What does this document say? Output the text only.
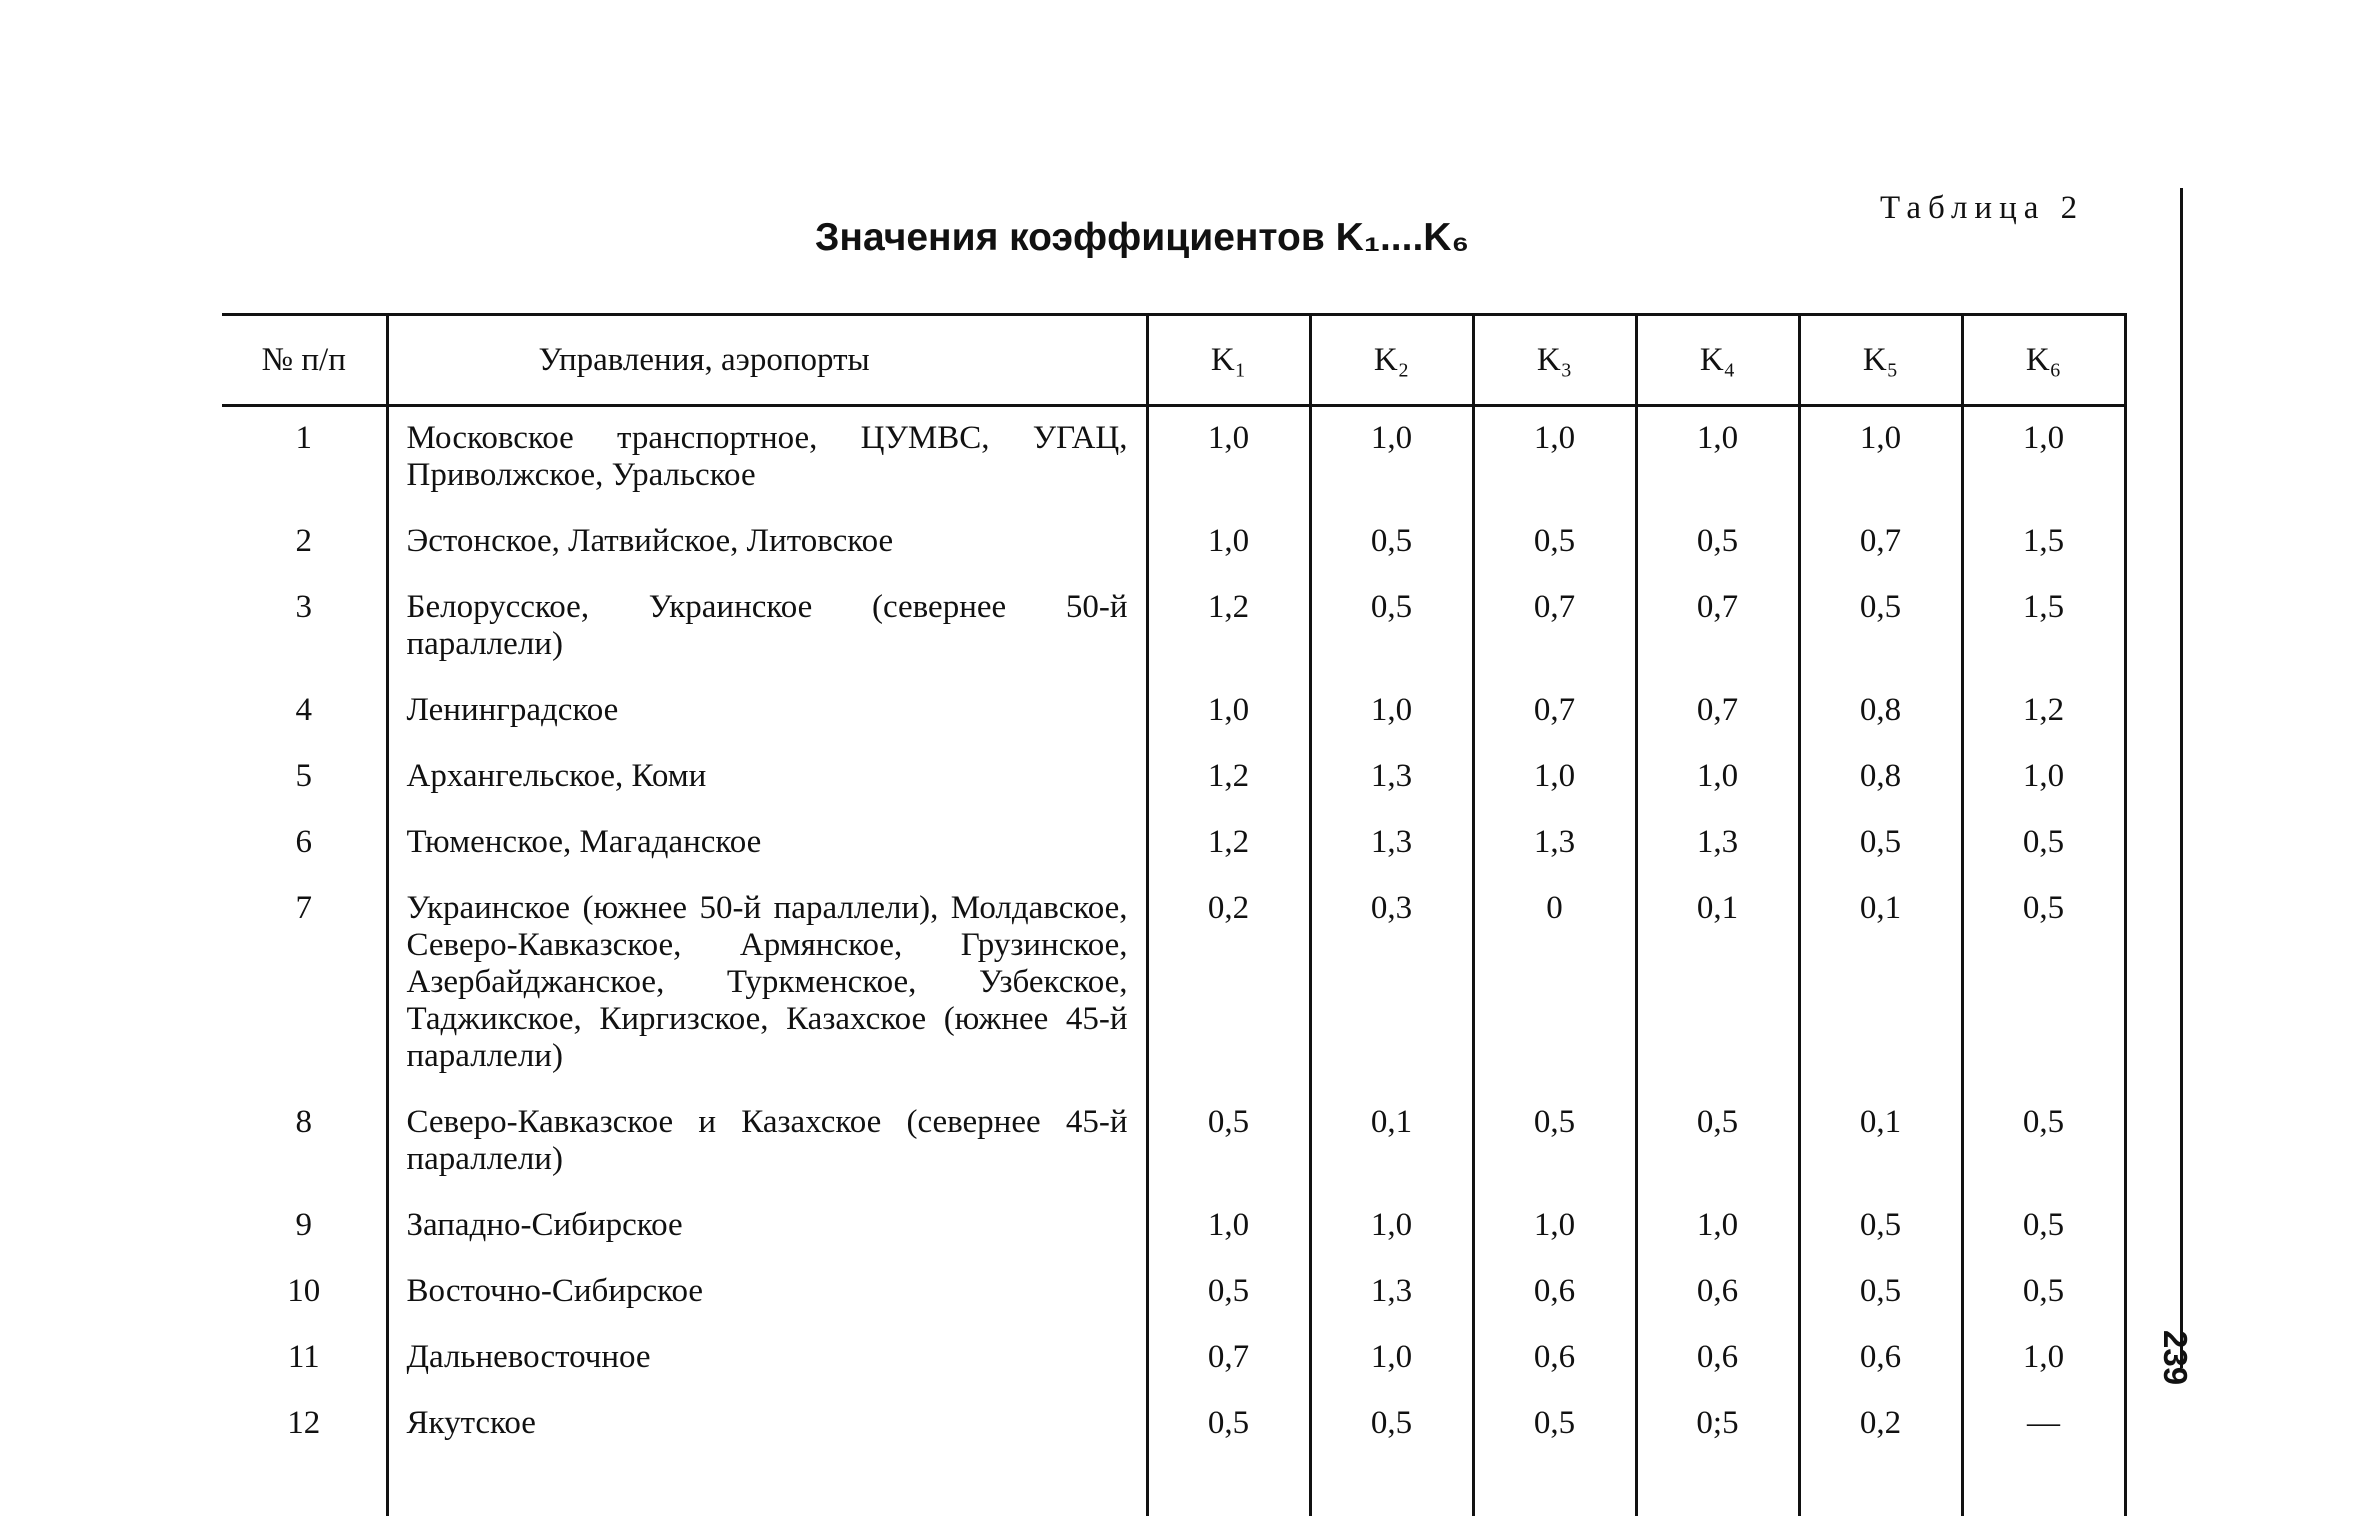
Таблица 2
Значения коэффициентов K₁....K₆
239
№ п/п	Управления, аэропорты	K₁	K₂	K₃	K₄	K₅	K₆
1	Московское транспортное, ЦУМВС, УГАЦ, Приволжское, Уральское	1,0	1,0	1,0	1,0	1,0	1,0
2	Эстонское, Латвийское, Литовское	1,0	0,5	0,5	0,5	0,7	1,5
3	Белорусское, Украинское (севернее 50-й параллели)	1,2	0,5	0,7	0,7	0,5	1,5
4	Ленинградское	1,0	1,0	0,7	0,7	0,8	1,2
5	Архангельское, Коми	1,2	1,3	1,0	1,0	0,8	1,0
6	Тюменское, Магаданское	1,2	1,3	1,3	1,3	0,5	0,5
7	Украинское (южнее 50-й параллели), Молдавское, Северо-Кавказское, Армянское, Грузинское, Азербайджанское, Туркменское, Узбекское, Таджикское, Киргизское, Казахское (южнее 45-й параллели)	0,2	0,3	0	0,1	0,1	0,5
8	Северо-Кавказское и Казахское (севернее 45-й параллели)	0,5	0,1	0,5	0,5	0,1	0,5
9	Западно-Сибирское	1,0	1,0	1,0	1,0	0,5	0,5
10	Восточно-Сибирское	0,5	1,3	0,6	0,6	0,5	0,5
11	Дальневосточное	0,7	1,0	0,6	0,6	0,6	1,0
12	Якутское	0,5	0,5	0,5	0;5	0,2	—
